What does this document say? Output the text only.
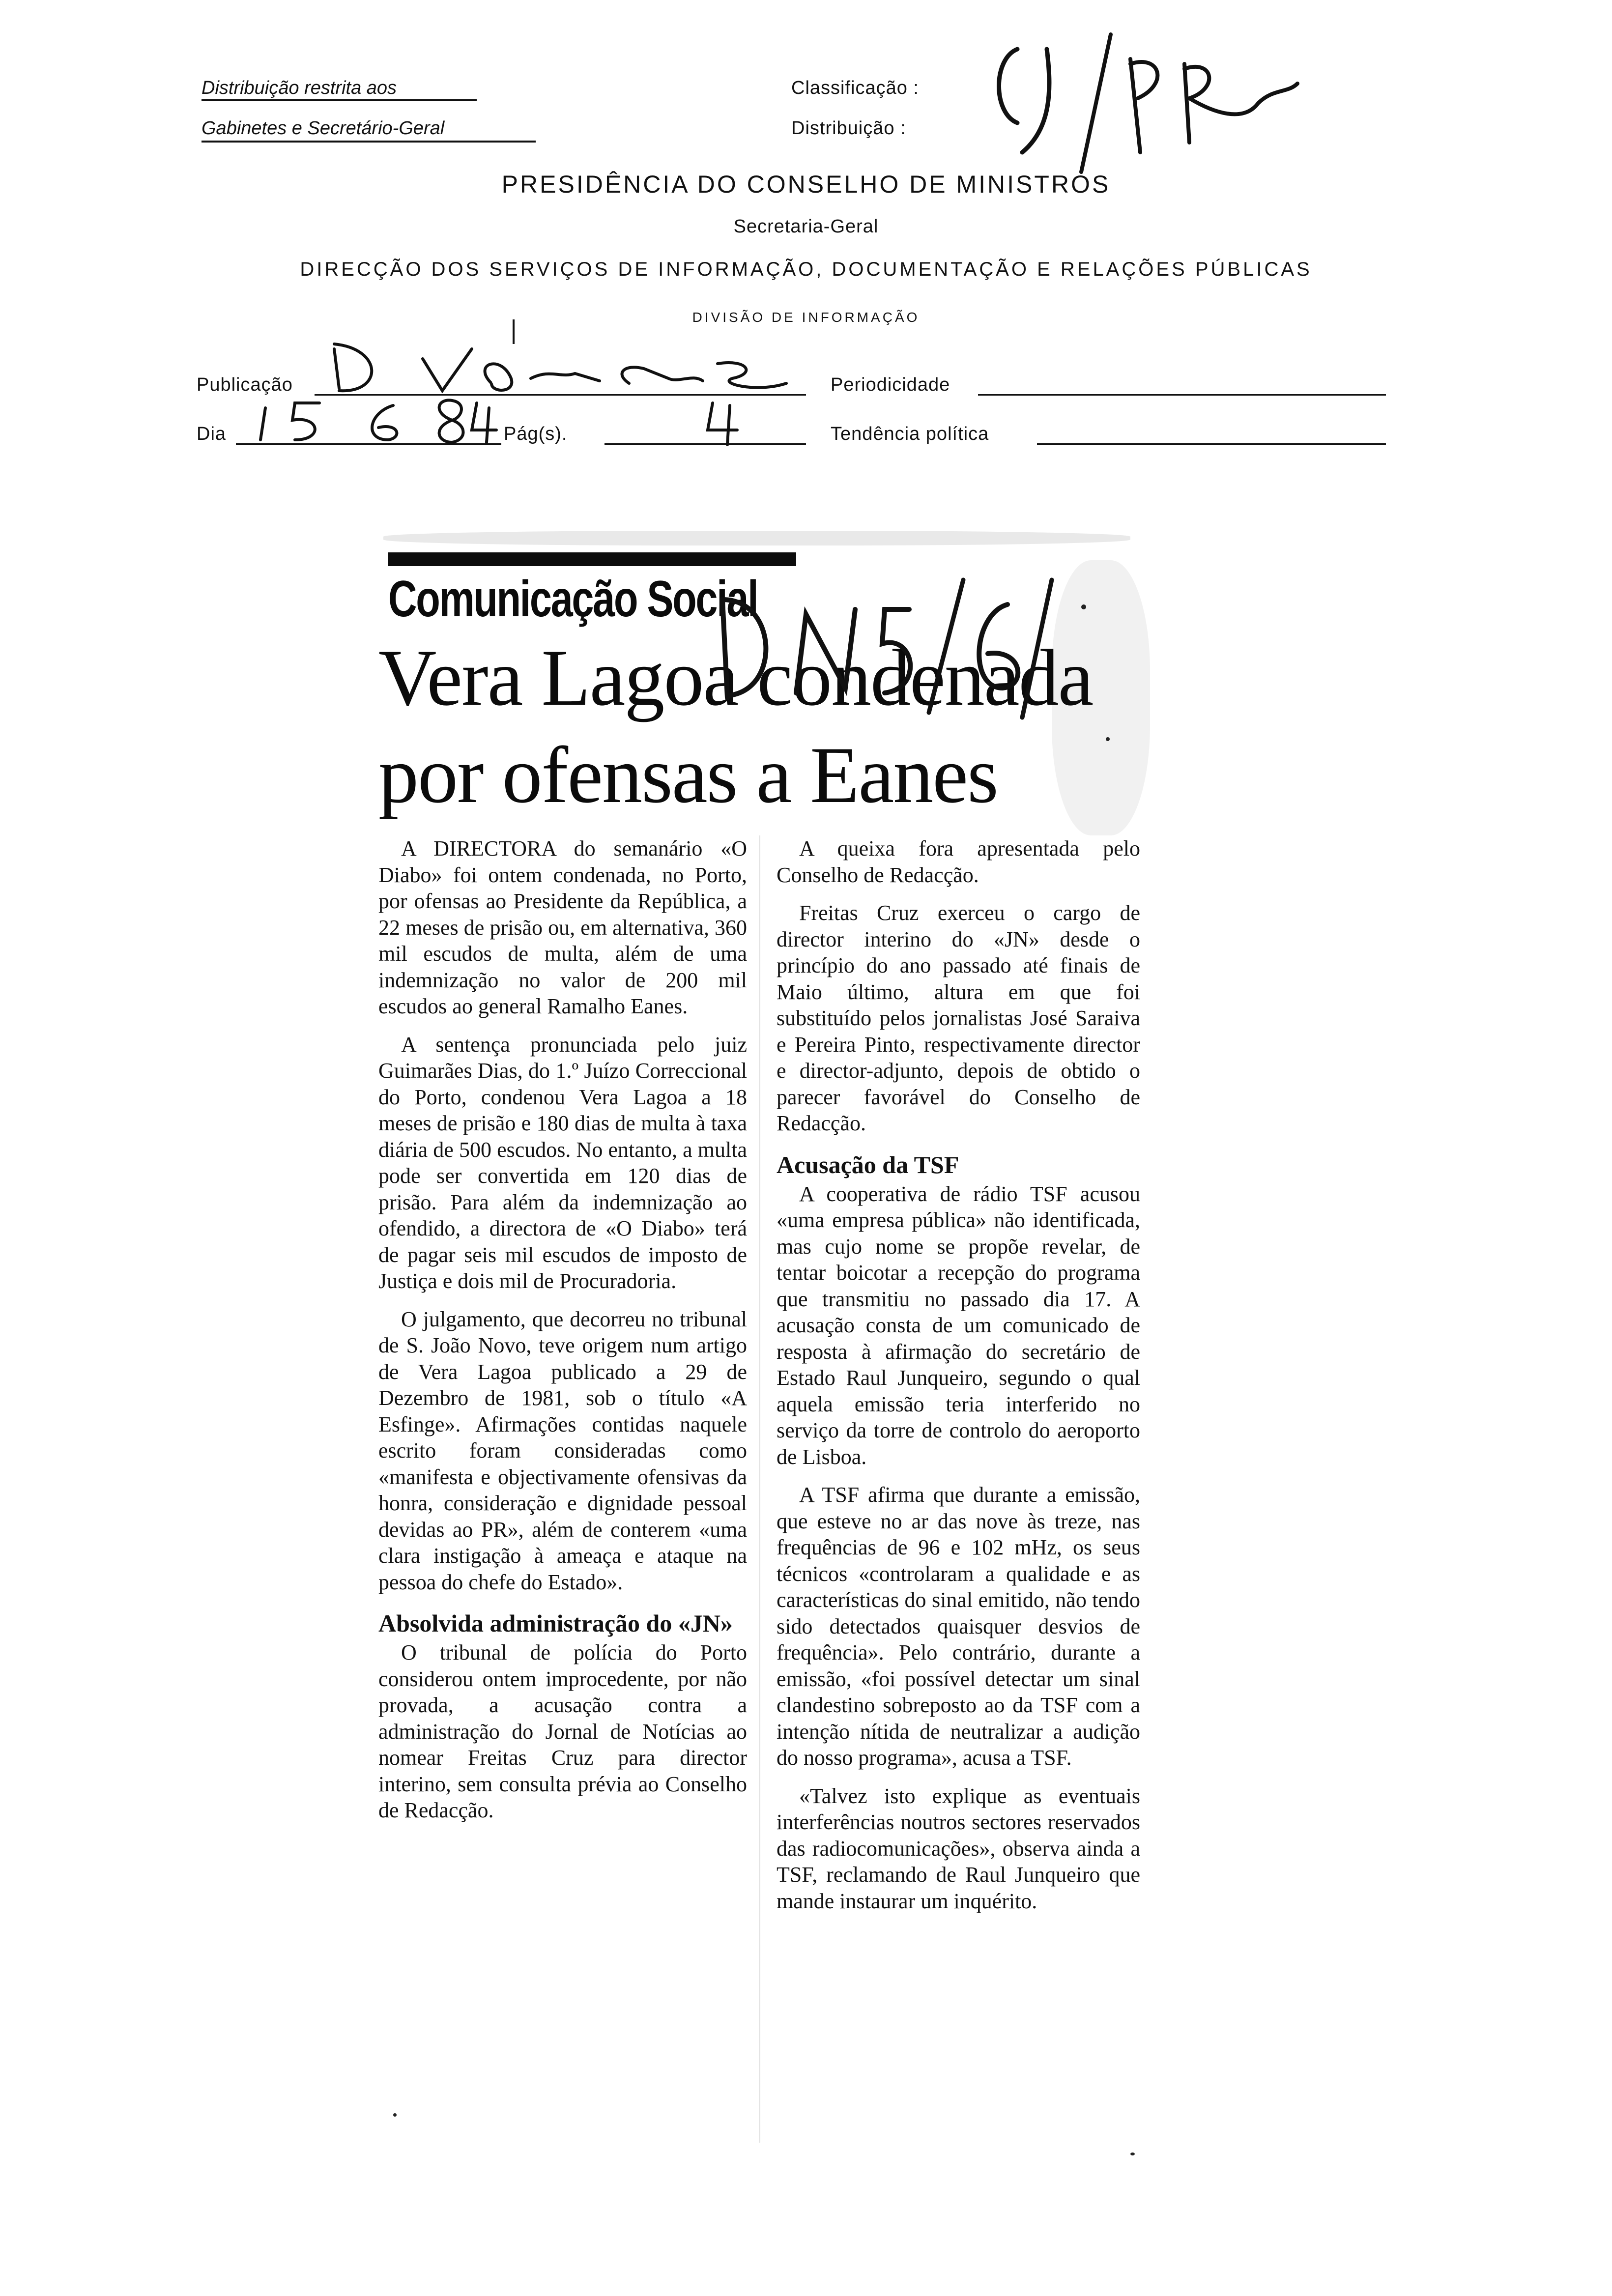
Distribuição restrita aos
Gabinetes e Secretário-Geral
Classificação :
Distribuição :
PRESIDÊNCIA DO CONSELHO DE MINISTROS
Secretaria-Geral
DIRECÇÃO DOS SERVIÇOS DE INFORMAÇÃO, DOCUMENTAÇÃO E RELAÇÕES PÚBLICAS
DIVISÃO DE INFORMAÇÃO
Publicação	Periodicidade
Dia	Pág(s).	Tendência política
Comunicação Social
Vera Lagoa condenada
por ofensas a Eanes

A DIRECTORA do semanário «O Diabo» foi ontem condenada, no Porto, por ofensas ao Presidente da República, a 22 meses de prisão ou, em alternativa, 360 mil escudos de multa, além de uma indemnização no valor de 200 mil escudos ao general Ramalho Eanes.

A sentença pronunciada pelo juiz Guimarães Dias, do 1.º Juízo Correccional do Porto, condenou Vera Lagoa a 18 meses de prisão e 180 dias de multa à taxa diária de 500 escudos. No entanto, a multa pode ser convertida em 120 dias de prisão. Para além da indemnização ao ofendido, a directora de «O Diabo» terá de pagar seis mil escudos de imposto de Justiça e dois mil de Procuradoria.

O julgamento, que decorreu no tribunal de S. João Novo, teve origem num artigo de Vera Lagoa publicado a 29 de Dezembro de 1981, sob o título «A Esfinge». Afirmações contidas naquele escrito foram consideradas como «manifesta e objectivamente ofensivas da honra, consideração e dignidade pessoal devidas ao PR», além de conterem «uma clara instigação à ameaça e ataque na pessoa do chefe do Estado».

Absolvida administração do «JN»

O tribunal de polícia do Porto considerou ontem improcedente, por não provada, a acusação contra a administração do Jornal de Notícias ao nomear Freitas Cruz para director interino, sem consulta prévia ao Conselho de Redacção.

A queixa fora apresentada pelo Conselho de Redacção.

Freitas Cruz exerceu o cargo de director interino do «JN» desde o princípio do ano passado até finais de Maio último, altura em que foi substituído pelos jornalistas José Saraiva e Pereira Pinto, respectivamente director e director-adjunto, depois de obtido o parecer favorável do Conselho de Redacção.

Acusação da TSF

A cooperativa de rádio TSF acusou «uma empresa pública» não identificada, mas cujo nome se propõe revelar, de tentar boicotar a recepção do programa que transmitiu no passado dia 17. A acusação consta de um comunicado de resposta à afirmação do secretário de Estado Raul Junqueiro, segundo o qual aquela emissão teria interferido no serviço da torre de controlo do aeroporto de Lisboa.

A TSF afirma que durante a emissão, que esteve no ar das nove às treze, nas frequências de 96 e 102 mHz, os seus técnicos «controlaram a qualidade e as características do sinal emitido, não tendo sido detectados quaisquer desvios de frequência». Pelo contrário, durante a emissão, «foi possível detectar um sinal clandestino sobreposto ao da TSF com a intenção nítida de neutralizar a audição do nosso programa», acusa a TSF.

«Talvez isto explique as eventuais interferências noutros sectores reservados das radiocomunicações», observa ainda a TSF, reclamando de Raul Junqueiro que mande instaurar um inquérito.
